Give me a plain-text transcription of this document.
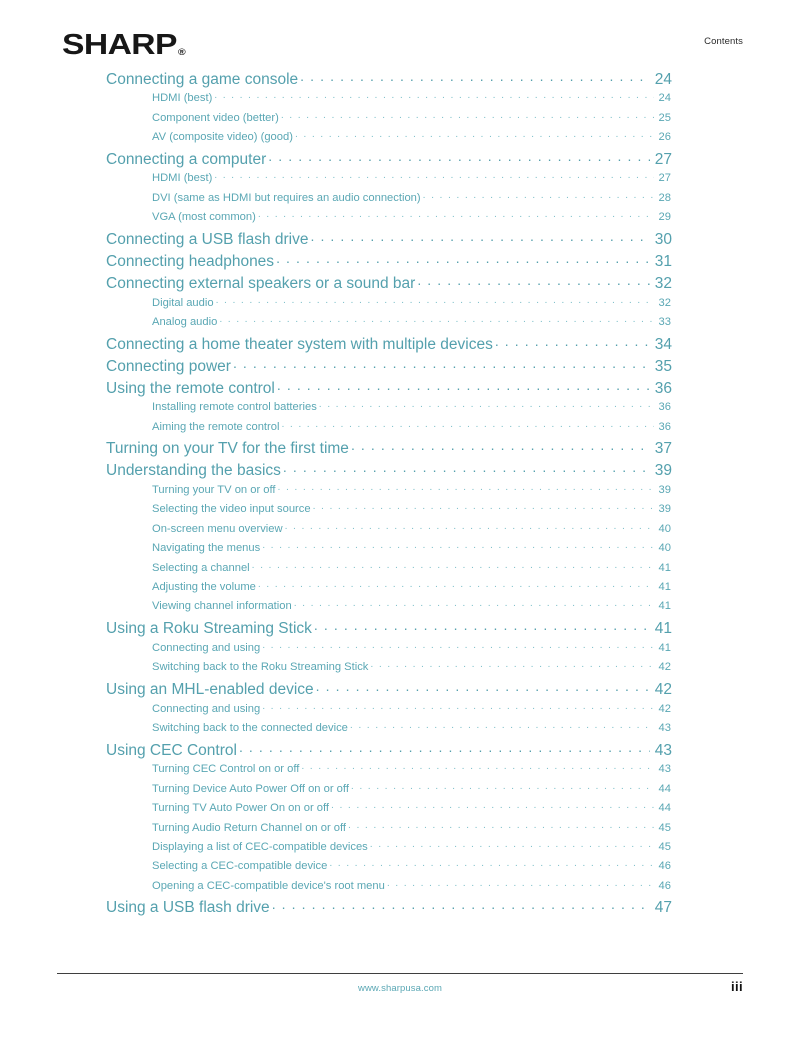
SHARP®
Contents
Connecting a game console . . .	24
HDMI (best) . . .	24
Component video (better) . . .	25
AV (composite video) (good) . . .	26
Connecting a computer . . .	27
HDMI (best) . . .	27
DVI (same as HDMI but requires an audio connection) . . .	28
VGA (most common) . . .	29
Connecting a USB flash drive . . .	30
Connecting headphones . . .	31
Connecting external speakers or a sound bar . . .	32
Digital audio . . .	32
Analog audio . . .	33
Connecting a home theater system with multiple devices . . .	34
Connecting power . . .	35
Using the remote control . . .	36
Installing remote control batteries . . .	36
Aiming the remote control . . .	36
Turning on your TV for the first time . . .	37
Understanding the basics . . .	39
Turning your TV on or off . . .	39
Selecting the video input source . . .	39
On-screen menu overview . . .	40
Navigating the menus . . .	40
Selecting a channel . . .	41
Adjusting the volume . . .	41
Viewing channel information . . .	41
Using a Roku Streaming Stick . . .	41
Connecting and using . . .	41
Switching back to the Roku Streaming Stick . . .	42
Using an MHL-enabled device . . .	42
Connecting and using . . .	42
Switching back to the connected device . . .	43
Using CEC Control . . .	43
Turning CEC Control on or off . . .	43
Turning Device Auto Power Off on or off . . .	44
Turning TV Auto Power On on or off . . .	44
Turning Audio Return Channel on or off . . .	45
Displaying a list of CEC-compatible devices . . .	45
Selecting a CEC-compatible device . . .	46
Opening a CEC-compatible device's root menu . . .	46
Using a USB flash drive . . .	47
www.sharpusa.com	iii
